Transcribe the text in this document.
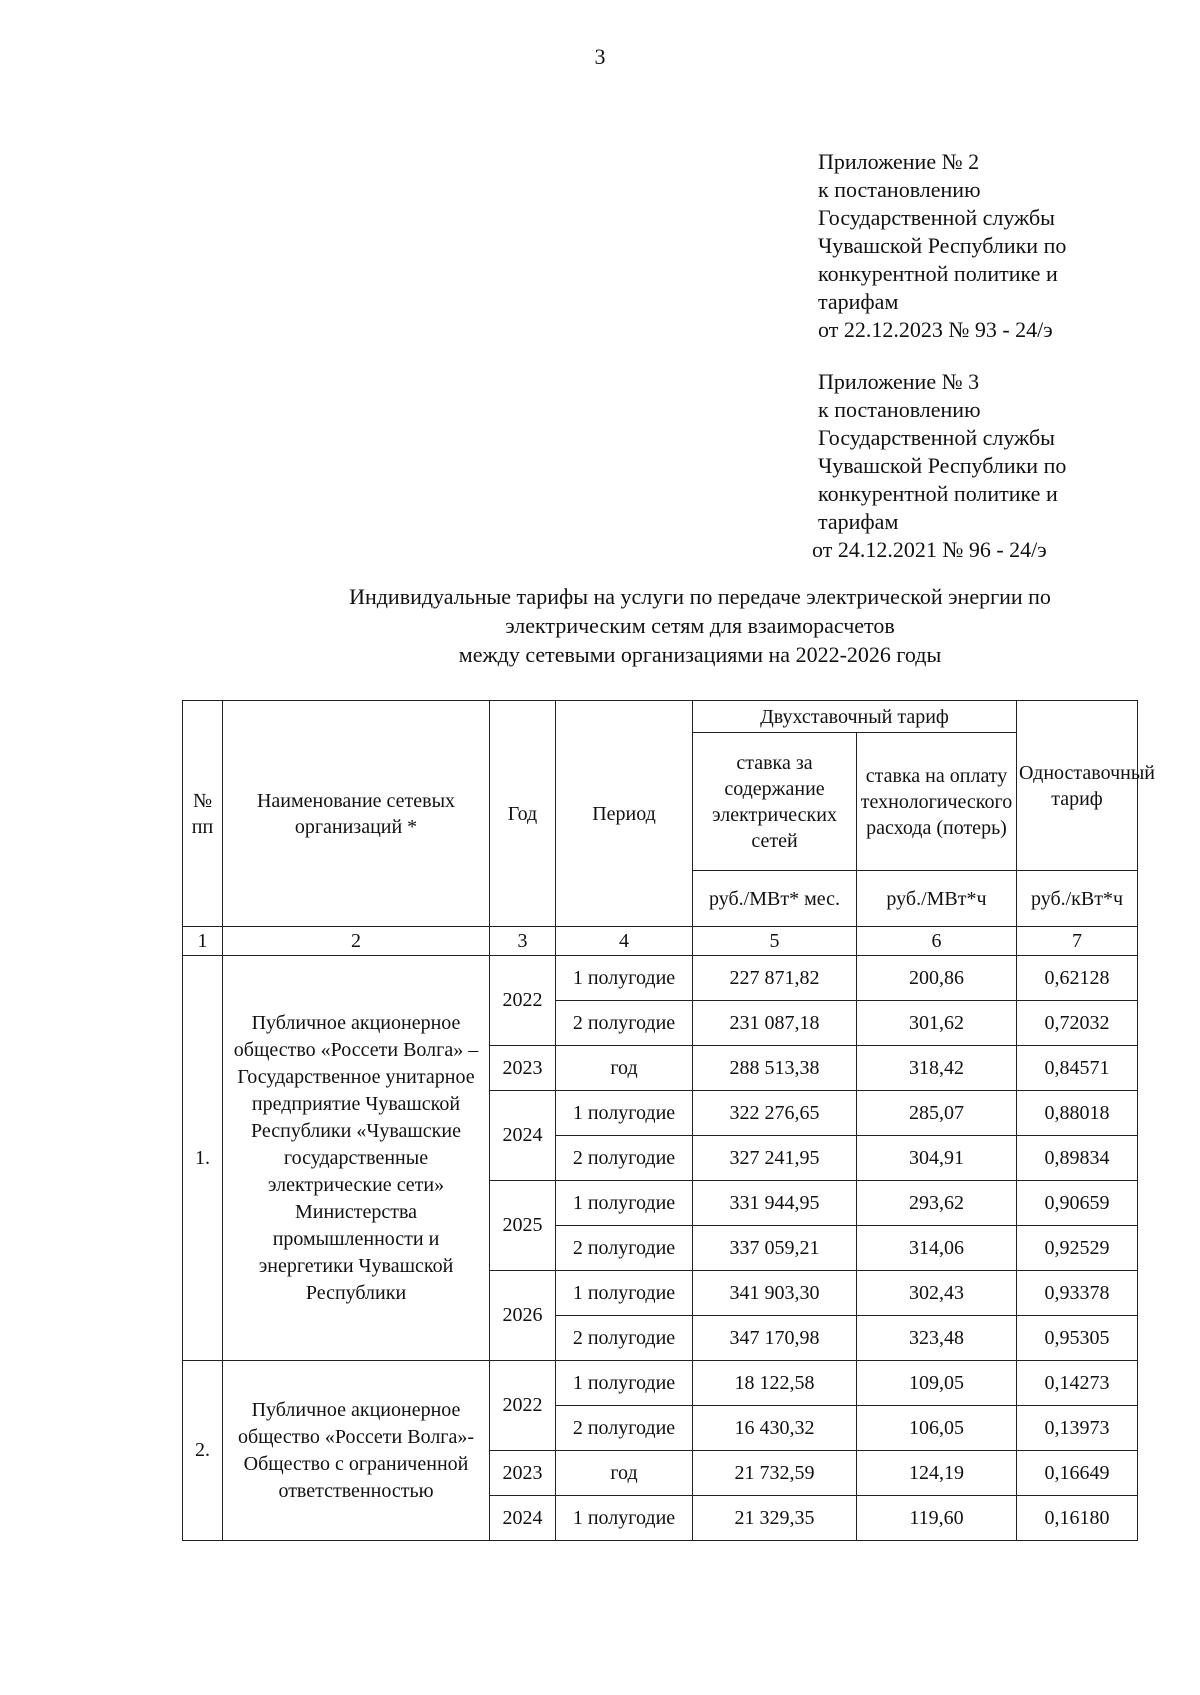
3
Приложение № 2
к постановлению
Государственной службы
Чувашской Республики по
конкурентной политике и
тарифам
от 22.12.2023 № 93 - 24/э
Приложение № 3
к постановлению
Государственной службы
Чувашской Республики по
конкурентной политике и
тарифам
от 24.12.2021 № 96 - 24/э
Индивидуальные тарифы на услуги по передаче электрической энергии по
электрическим сетям для взаиморасчетов
между сетевыми организациями на 2022-2026 годы
№ пп	Наименование сетевых организаций *	Год	Период	Двухставочный тариф		Одноставочный тариф
				ставка за содержание электрических сетей	ставка на оплату технологического расхода (потерь)	
				руб./МВт* мес.	руб./МВт*ч	руб./кВт*ч
1	2	3	4	5	6	7
1.	Публичное акционерное общество «Россети Волга» – Государственное унитарное предприятие Чувашской Республики «Чувашские государственные электрические сети» Министерства промышленности и энергетики Чувашской Республики	2022	1 полугодие	227 871,82	200,86	0,62128
			2 полугодие	231 087,18	301,62	0,72032
		2023	год	288 513,38	318,42	0,84571
		2024	1 полугодие	322 276,65	285,07	0,88018
			2 полугодие	327 241,95	304,91	0,89834
		2025	1 полугодие	331 944,95	293,62	0,90659
			2 полугодие	337 059,21	314,06	0,92529
		2026	1 полугодие	341 903,30	302,43	0,93378
			2 полугодие	347 170,98	323,48	0,95305
2.	Публичное акционерное общество «Россети Волга»- Общество с ограниченной ответственностью	2022	1 полугодие	18 122,58	109,05	0,14273
			2 полугодие	16 430,32	106,05	0,13973
		2023	год	21 732,59	124,19	0,16649
		2024	1 полугодие	21 329,35	119,60	0,16180
